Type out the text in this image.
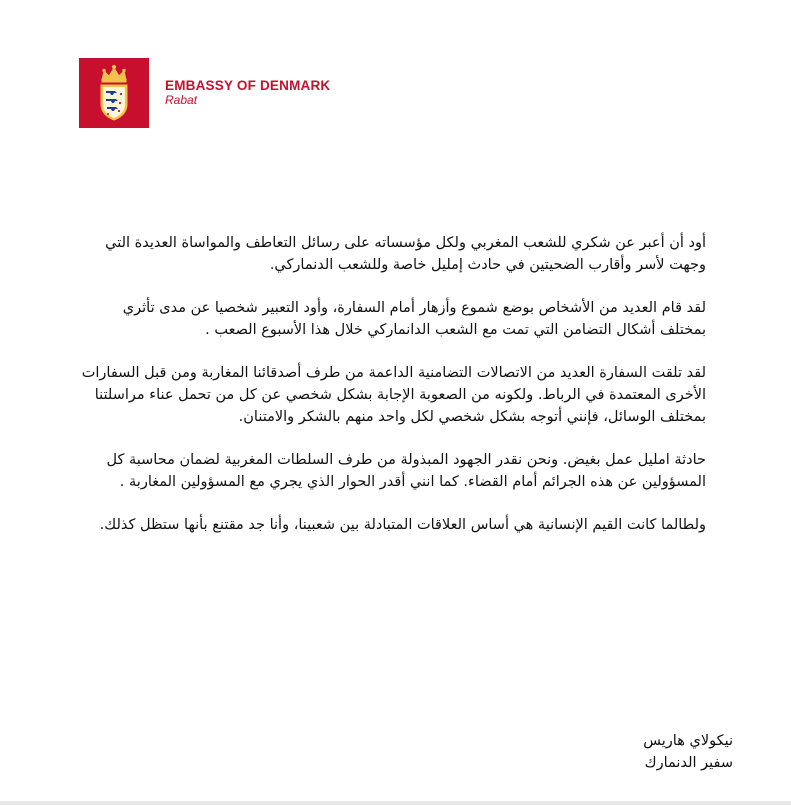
EMBASSY OF DENMARK
Rabat

أود أن أعبر عن شكري للشعب المغربي ولكل مؤسساته على رسائل التعاطف والمواساة العديدة التي وجهت لأسر وأقارب الضحيتين في حادث إمليل خاصة وللشعب الدنماركي.

لقد قام العديد من الأشخاص بوضع شموع وأزهار أمام السفارة، وأود التعبير شخصيا عن مدى تأثري بمختلف أشكال التضامن التي تمت مع الشعب الدانماركي خلال هذا الأسبوع الصعب .

لقد تلقت السفارة العديد من الاتصالات التضامنية الداعمة من طرف أصدقائنا المغاربة ومن قبل السفارات الأخرى المعتمدة في الرباط. ولكونه من الصعوبة الإجابة بشكل شخصي عن كل من تحمل عناء مراسلتنا بمختلف الوسائل، فإنني أتوجه بشكل شخصي لكل واحد منهم بالشكر والامتنان.

حادثة امليل عمل بغيض. ونحن نقدر الجهود المبذولة من طرف السلطات المغربية لضمان محاسبة كل المسؤولين عن هذه الجرائم أمام القضاء. كما انني أقدر الحوار الذي يجري مع المسؤولين المغاربة .

ولطالما كانت القيم الإنسانية هي أساس العلاقات المتبادلة بين شعبينا، وأنا جد مقتنع بأنها ستظل كذلك.

نيكولاي هاريس
سفير الدنمارك
